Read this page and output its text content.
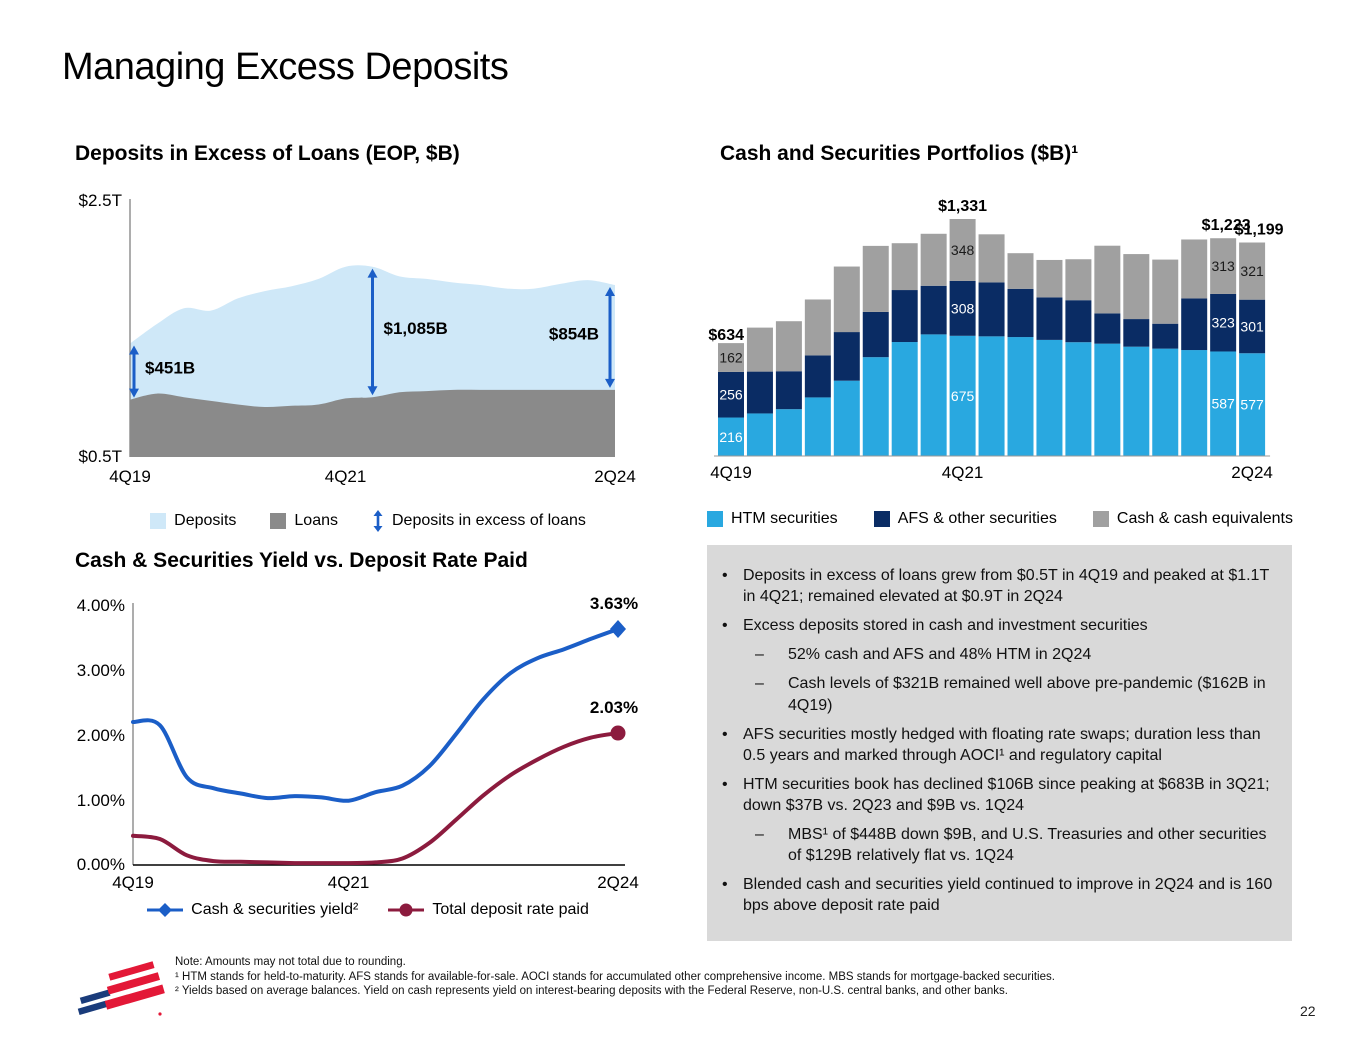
Managing Excess Deposits
Deposits in Excess of Loans (EOP, $B)	Cash and Securities Portfolios ($B)¹
Cash & Securities Yield vs. Deposit Rate Paid
$2.5T
$0.5T
4Q19	4Q21	2Q24
$451B
$1,085B	$854B
4Q19	4Q21	2Q24
216
256
162
$634
675
308
348
$1,331
587
323
313
$1,223
577
301
321
$1,199
4.00%
3.00%
2.00%
1.00%
0.00%
4Q19	4Q21	2Q24
3.63%
2.03%
Deposits	Loans	Deposits in excess of loans	HTM securities	AFS & other securities	Cash & cash equivalents
Cash & securities yield²	Total deposit rate paid
• Deposits in excess of loans grew from $0.5T in 4Q19 and peaked at $1.1T in 4Q21; remained elevated at $0.9T in 2Q24
• Excess deposits stored in cash and investment securities
– 52% cash and AFS and 48% HTM in 2Q24
– Cash levels of $321B remained well above pre-pandemic ($162B in 4Q19)
• AFS securities mostly hedged with floating rate swaps; duration less than 0.5 years and marked through AOCI¹ and regulatory capital
• HTM securities book has declined $106B since peaking at $683B in 3Q21; down $37B vs. 2Q23 and $9B vs. 1Q24
– MBS¹ of $448B down $9B, and U.S. Treasuries and other securities of $129B relatively flat vs. 1Q24
• Blended cash and securities yield continued to improve in 2Q24 and is 160 bps above deposit rate paid
Note: Amounts may not total due to rounding.
¹ HTM stands for held-to-maturity. AFS stands for available-for-sale. AOCI stands for accumulated other comprehensive income. MBS stands for mortgage-backed securities.
² Yields based on average balances. Yield on cash represents yield on interest-bearing deposits with the Federal Reserve, non-U.S. central banks, and other banks.
22
